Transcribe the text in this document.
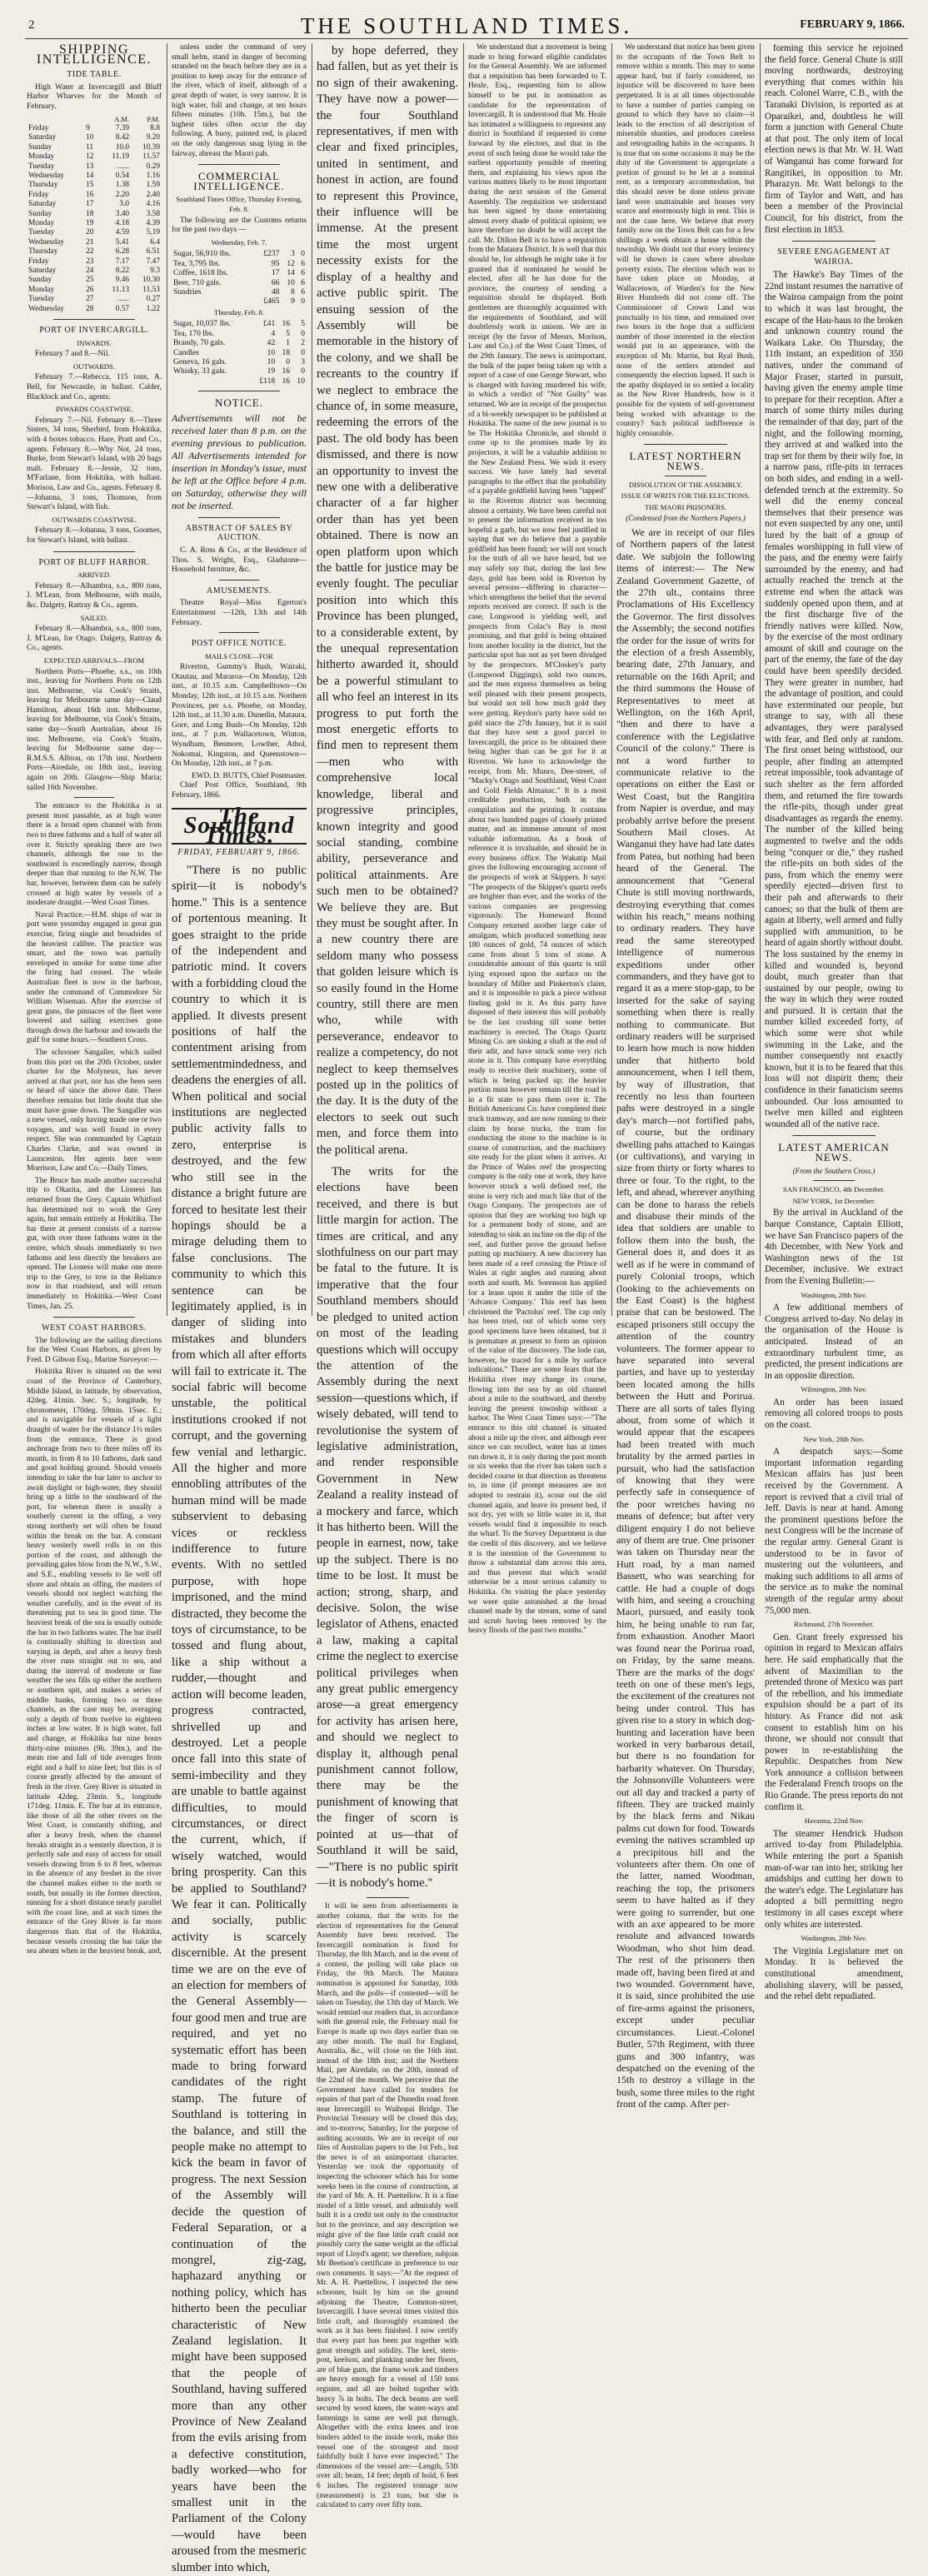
2	THE SOUTHLAND TIMES.	FEBRUARY 9, 1866.
SHIPPING INTELLIGENCE.
TIDE TABLE.

High Water at Invercargill and Bluff Harbor Wharves for the Month of February.

		A.M.	P.M.
Friday	9	7.39	8.8
Saturday	10	8.42	9.20
Sunday	11	10.0	10.39
Monday	12	11.19	11.57
Tuesday	13	......	0.29
Wednesday	14	0.54	1.16
Thursday	15	1.38	1.59
Friday	16	2.20	2.40
Saturday	17	3.0	4.16
Sunday	18	3.40	3.58
Monday	19	4.18	4.39
Tuesday	20	4.59	5.19
Wednesday	21	5.41	6.4
Thursday	22	6.28	6.51
Friday	23	7.17	7.47
Saturday	24	8.22	9.3
Sunday	25	9.46	10.30
Monday	26	11.13	11.53
Tuesday	27	......	0.27
Wednesday	28	0.57	1.22
PORT OF INVERCARGILL.
INWARDS.

February 7 and 8.—Nil.

OUTWARDS.

February 7.—Rebecca, 115 tons, A. Bell, for Newcastle, in ballast. Calder, Blacklock and Co., agents.

INWARDS COASTWISE.

February 7.—Nil. February 8.—Three Sisters, 34 tons, Sherbird, from Hokitika, with 4 boxes tobacco. Hare, Pratt and Co., agents. February 8.—Why Not, 24 tons, Burke, from Stewart's Island, with 20 bags malt. February 8.—Jessie, 32 tons, M'Farlane, from Hokitika, with ballast. Morison, Law and Co., agents. February 8.—Johanna, 3 tons, Thomson, from Stewart's Island, with fish.

OUTWARDS COASTWISE.

February 8.—Johanna, 3 tons, Goomes, for Stewart's Island, with ballast.

PORT OF BLUFF HARBOR.
ARRIVED.

February 8.—Alhambra, s.s., 800 tons, J. M'Lean, from Melbourne, with mails, &c. Dalgety, Rattray & Co., agents.

SAILED.

February 8.—Alhambra, s.s., 800 tons, J. M'Lean, for Otago. Dalgety, Rattray & Co., agents.

EXPECTED ARRIVALS—FROM

Northern Ports—Phoebe, s.s., on 10th inst., leaving for Northern Ports on 12th inst. Melbourne, via Cook's Straits, leaving for Melbourne same day—Claud Hamilton, about 16th inst. Melbourne, leaving for Melbourne, via Cook's Straits, same day—South Australian, about 16 inst. Melbourne, via Cook's Straits, leaving for Melbourne same day—R.M.S.S. Albion, on 17th inst. Northern Ports—Airedale, on 18th inst., leaving again on 20th. Glasgow—Ship Maria; sailed 16th November.

The entrance to the Hokitika is at present most passable, as at high water there is a broad open channel with from two to three fathoms and a half of water all over it. Strictly speaking there are two channels, although the one to the southward is exceedingly narrow, though deeper than that running to the N.W. The bar, however, between them can be safely crossed at high water by vessels of a moderate draught.—West Coast Times.

Naval Practice.—H.M. ships of war in port were yesterday engaged in great gun exercise, firing single and broadsides of the heaviest calibre. The practice was smart, and the town was partially enveloped in smoke for some time after the firing had ceased. The whole Australian fleet is now in the harbour, under the command of Commodore Sir William Wiseman. After the exercise of great guns, the pinnaces of the fleet were lowered and sailing exercises gone through down the harbour and towards the gulf for some hours.—Southern Cross.

The schooner Sangaller, which sailed from this port on the 20th October, under charter for the Molyneux, has never arrived at that port, nor has she been seen or heard of since the above date. There therefore remains but little doubt that she must have gone down. The Sangaller was a new vessel, only having made one or two voyages, and was well found in every respect. She was commanded by Captain Charles Clarke, and was owned in Launceston. Her agents here were Morrison, Law and Co.—Daily Times.

The Bruce has made another successful trip to Okarita, and the Lioness has returned from the Grey. Captain Whitford has determined not to work the Grey again, but remain entirely at Hokitika. The bar there at present consists of a narrow gut, with over three fathoms water in the centre, which shoals immediately to two fathoms and less directly the breakers are opened. The Lioness will make one more trip to the Grey, to tow in the Reliance now in that roadstead, and will return immediately to Hokitika.—West Coast Times, Jan. 25.

WEST COAST HARBORS.

The following are the sailing directions for the West Coast Harbors, as given by Fred. D Gibson Esq., Marine Surveyor:—

Hokitika River is situated on the west coast of the Province of Canterbury, Middle Island, in latitude, by observation, 42deg. 41min. 3sec. S.; longitude, by chronometer, 170deg. 59min. 15sec. E.; and is navigable for vessels of a light draught of water for the distance 1½ miles from the entrance. There is good anchorage from two to three miles off its mouth, in from 8 to 10 fathoms, dark sand and good holding ground. Should vessels intending to take the bar later to anchor to await daylight or high-water, they should bring up a little to the southward of the port, for whereas there is usually a southerly current in the offing, a very strong northerly set will often be found within the break on the bar. A constant heavy westerly swell rolls in on this portion of the coast, and although the prevailing gales blow from the N.W., S.W., and S.E., enabling vessels to lie well off shore and obtain an offing, the masters of vessels should not neglect watching the weather carefully, and in the event of its threatening put to sea in good time. The heaviest break of the sea is usually outside the bar in two fathoms water. The bar itself is continually shifting in direction and varying in depth, and after a heavy fresh the river runs straight out to sea, and during the interval of moderate or fine weather the sea fills up either the northern or southern spit, and makes a series of middle banks, forming two or three channels, as the case may be, averaging only a depth of from twelve to eighteen inches at low water. It is high water, full and change, at Hokitika bar nine hours thirty-nine minutes (9h. 39m.), and the mean rise and fall of tide averages from eight and a half to nine feet; but this is of course greatly affected by the amount of fresh in the river. Grey River is situated in latitude 42deg. 23min. S., longitude 171deg. 11min. E. The bar at its entrance, like those of all the other rivers on the West Coast, is constantly shifting, and after a heavy fresh, when the channel breaks straight in a westerly direction, it is perfectly safe and easy of access for small vessels drawing from 6 to 8 feet, whereas in the absence of any freshet in the river the channel makes either to the north or south, but usually in the former direction, running for a short distance nearly parallel with the coast line, and at such times the entrance of the Grey River is far more dangerous than that of the Hokitika, because vessels crossing the bar take the sea abeam when in the heaviest break, and,

unless under the command of very small helm, stand in danger of becoming stranded on the beach before they are in a position to keep away for the entrance of the river, which of itself, although of a great depth of water, is very narrow. It is high water, full and change, at ten hours fifteen minutes (10h. 15m.), but the highest tides often occur the day following. A buoy, painted red, is placed on the only dangerous snag lying in the fairway, abreast the Maori pah.

COMMERCIAL INTELLIGENCE.
Southland Times Office, Thursday Evening, Feb. 8.

The following are the Customs returns for the past two days —

Wednesday, Feb. 7.
Sugar, 56,910 lbs.	£237	3	0
Tea, 3,795 lbs.	95	12	6
Coffee, 1618 lbs.	17	14	6
Beer, 710 gals.	66	10	6
Sundries	48	8	6
	£465	9	0
Thursday, Feb. 8.
Sugar, 10,037 lbs.	£41	16	5
Tea, 170 lbs.	4	5	0
Brandy, 70 gals.	42	1	2
Candles	10	18	0
Geneva, 16 gals.	10	0	3
Whisky, 33 gals.	19	16	0
	£118	16	10
NOTICE.
Advertisements will not be received later than 8 p.m. on the evening previous to publication. All Advertisements intended for insertion in Monday's issue, must be left at the Office before 4 p.m. on Saturday, otherwise they will not be inserted.
ABSTRACT OF SALES BY AUCTION.

C. A. Ross & Co., at the Residence of Thos. S. Wright, Esq., Gladstone—Household furniture, &c.

AMUSEMENTS.

Theatre Royal—Miss Egerton's Entertainment —12th, 13th and 14th February.

POST OFFICE NOTICE.
MAILS CLOSE—FOR

Riverton, Gummy's Bush, Wairaki, Otautau, and Mararoa—On Monday, 12th inst., at 10.15 a.m. Campbelltown—On Monday, 12th inst., at 10.15 a.m. Northern Provinces, per s.s. Phoebe, on Monday, 12th inst., at 11.30 a.m. Dunedin, Mataura, Gore, and Long Bush—On Monday, 12th inst., at 7 p.m. Wallacetown, Winton, Wyndham, Benmore, Lowther, Athol, Nokomai, Kingston, and Queenstown—On Monday, 12th inst., at 7 p.m.

EWD. D. BUTTS, Chief Postmaster.

Chief Post Office, Southland, 9th February, 1866.

The Southland Times.
FRIDAY, FEBRUARY 9, 1866.

"There is no public spirit—it is nobody's home." This is a sentence of portentous meaning. It goes straight to the pride of the independent and patriotic mind. It covers with a forbidding cloud the country to which it is applied. It divests present positions of half the contentment arising from settlementmindedness, and deadens the energies of all. When political and social institutions are neglected public activity falls to zero, enterprise is destroyed, and the few who still see in the distance a bright future are forced to hesitate lest their hopings should be a mirage deluding them to false conclusions. The community to which this sentence can be legitimately applied, is in danger of sliding into mistakes and blunders from which all after efforts will fail to extricate it. The social fabric will become unstable, the political institutions crooked if not corrupt, and the governing few venial and lethargic. All the higher and more ennobling attributes of the human mind will be made subservient to debasing vices or reckless indifference to future events. With no settled purpose, with hope imprisoned, and the mind distracted, they become the toys of circumstance, to be tossed and flung about, like a ship without a rudder,—thought and action will become leaden, progress contracted, shrivelled up and destroyed. Let a people once fall into this state of semi-imbecility and they are unable to battle against difficulties, to mould circumstances, or direct the current, which, if wisely watched, would bring prosperity. Can this be applied to Southland? We fear it can. Politically and socially, public activity is scarcely discernible. At the present time we are on the eve of an election for members of the General Assembly—four good men and true are required, and yet no systematic effort has been made to bring forward candidates of the right stamp. The future of Southland is tottering in the balance, and still the people make no attempt to kick the beam in favor of progress. The next Session of the Assembly will decide the question of Federal Separation, or a continuation of the mongrel, zig-zag, haphazard anything or nothing policy, which has hitherto been the peculiar characteristic of New Zealand legislation. It might have been supposed that the people of Southland, having suffered more than any other Province of New Zealand from the evils arising from a defective constitution, badly worked—who for years have been the smallest unit in the Parliament of the Colony—would have been aroused from the mesmeric slumber into which,

by hope deferred, they had fallen, but as yet their is no sign of their awakening. They have now a power—the four Southland representatives, if men with clear and fixed principles, united in sentiment, and honest in action, are found to represent this Province, their influence will be immense. At the present time the most urgent necessity exists for the display of a healthy and active public spirit. The ensuing session of the Assembly will be memorable in the history of the colony, and we shall be recreants to the country if we neglect to embrace the chance of, in some measure, redeeming the errors of the past. The old body has been dismissed, and there is now an opportunity to invest the new one with a deliberative character of a far higher order than has yet been obtained. There is now an open platform upon which the battle for justice may be evenly fought. The peculiar position into which this Province has been plunged, to a considerable extent, by the unequal representation hitherto awarded it, should be a powerful stimulant to all who feel an interest in its progress to put forth the most energetic efforts to find men to represent them—men who with comprehensive local knowledge, liberal and progressive principles, known integrity and good social standing, combine ability, perseverance and political attainments. Are such men to be obtained? We believe they are. But they must be sought after. In a new country there are seldom many who possess that golden leisure which is so easily found in the Home country, still there are men who, while with perseverance, endeavor to realize a competency, do not neglect to keep themselves posted up in the politics of the day. It is the duty of the electors to seek out such men, and force them into the political arena.

The writs for the elections have been received, and there is but little margin for action. The times are critical, and any slothfulness on our part may be fatal to the future. It is imperative that the four Southland members should be pledged to united action on most of the leading questions which will occupy the attention of the Assembly during the next session—questions which, if wisely debated, will tend to revolutionise the system of legislative administration, and render responsible Government in New Zealand a reality instead of a mockery and farce, which it has hitherto been. Will the people in earnest, now, take up the subject. There is no time to be lost. It must be action; strong, sharp, and decisive. Solon, the wise legislator of Athens, enacted a law, making a capital crime the neglect to exercise political privileges when any great public emergency arose—a great emergency for activity has arisen here, and should we neglect to display it, although penal punishment cannot follow, there may be the punishment of knowing that the finger of scorn is pointed at us—that of Southland it will be said,—"There is no public spirit—it is nobody's home."

It will be seen from advertisements in another column, that the writs for the election of representatives for the General Assembly have been received. The Invercargill nomination is fixed for Thursday, the 8th March, and in the event of a contest, the polling will take place on Friday, the 9th March. The Mataura nomination is appointed for Saturday, 10th March, and the polls—if contested—will be taken on Tuesday, the 13th day of March. We would remind our readers that, in accordance with the general rule, the February mail for Europe is made up two days earlier than on any other month. The mail for England, Australia, &c., will close on the 16th inst. instead of the 18th inst; and the Northern Mail, per Airedale, on the 20th, instead of the 22nd of the month. We perceive that the Government have called for tenders for repairs of that part of the Dunedin road from near Invercargill to Waihopai Bridge. The Provincial Treasury will be closed this day, and to-morrow, Saturday, for the purpose of auditing accounts. We are in receipt of our files of Australian papers to the 1st Feb., but the news is of an unimportant character. Yesterday we took the opportunity of inspecting the schooner which has for some weeks been in the course of construction, at the yard of Mr. A. H. Puettellow. It is a fine model of a little vessel, and admirably well built it is a credit not only to the constructor but to the province, and any description we might give of the fine little craft could not possibly carry the same weight as the official report of Lloyd's agent; we therefore, subjoin Mr Beetson's certificate in preference to our own comments. It says:—"At the request of Mr. A. H. Puettellow, I inspected the new schooner, built by him on the ground adjoining the Theatre, Common-street, Invercargill. I have several times visited this little craft, and thoroughly examined the work as it has been finished. I now certify that every part has been put together with great strength and solidity. The keel, stern-post, keelson, and planking under her floors, are of blue gum, the frame work and timbers are heavy enough for a vessel of 150 tons register, and all are bolted together with heavy ⅞ in bolts. The deck beams are well secured by wood knees, the water-ways and fastenings in same are well put through. Altogether with the extra knees and iron binders added to the inside work, make this vessel one of the strongest and most faithfully built I have ever inspected." The dimensions of the vessel are:—Length, 53ft over all; beam, 14 feet; depth of hold, 6 feet 6 inches. The registered tonnage now (measurement) is 23 tons, but she is calculated to carry over fifty tons.

We understand that a movement is being made to bring forward eligible candidates for the General Assembly. We are informed that a requisition has been forwarded to T. Heale, Esq., requesting him to allow himself to be put in nomination as candidate for the representation of Invercargill. It is understood that Mr. Heale has intimated a willingness to represent any district in Southland if requested to come forward by the electors, and that in the event of such being done he would take the earliest opportunity possible of meeting them, and explaining his views upon the various matters likely to be most important during the next session of the General Assembly. The requisition we understand has been signed by those entertaining almost every shade of political opinion; we have therefore no doubt he will accept the call. Mr. Dillon Bell is to have a requisition from the Mataura District. It is well that this should be, for although he might take it for granted that if nominated he would be elected, after all he has done for the province, the courtesy of sending a requisition should be displayed. Both gentlemen are thoroughly acquainted with the requirements of Southland, and will doubtlessly work in unison. We are in receipt (by the favor of Messrs. Morison, Law and Co.) of the West Coast Times, of the 29th January. The news is unimportant, the bulk of the paper being taken up with a report of a case of one George Stewart, who is charged with having murdered his wife, in which a verdict of "Not Guilty" was returned. We are in receipt of the prospectus of a bi-weekly newspaper to be published at Hokitika. The name of the new journal is to be The Hokitika Chronicle, and should it come up to the promises made by its projectors, it will be a valuable addition to the New Zealand Press. We wish it every success. We have lately had several paragraphs to the effect that the probability of a payable goldfield having been "tapped" in the Riverton district was becoming almost a certainty. We have been careful not to present the information received in too hopeful a garb, but we now feel justified in saying that we do believe that a payable goldfield has been found; we will not vouch for the truth of all we have heard, but we may safely say that, during the last few days, gold has been sold in Riverton by several persons—differing in character—which strengthens the belief that the several reports received are correct. If such is the case, Longwood is yielding well, and prospects from Colac's Bay is most promising, and that gold is being obtained from another locality in the district, but the particular spot has not as yet been divulged by the prospectors. M'Closkey's party (Longwood Diggings), sold two ounces, and the men express themselves as being well pleased with their present prospects, but would not tell how much gold they were getting. Reydon's party have sold no gold since the 27th January, but it is said that they have sent a good parcel to Invercargill, the price to be obtained there being higher than can be got for it at Riverton. We have to acknowledge the receipt, from Mr. Munro, Dee-street, of "Macky's Otago and Southland, West Coast and Gold Fields Almanac." It is a most creditable production, both in the compilation and the printing. It contains about two hundred pages of closely printed matter, and an immense amount of most valuable information. As a book of reference it is invaluable, and should be in every business office. The Wakatip Mail gives the following encouraging account of the prospects of work at Skippers. It says: "The prospects of the Skipper's quartz reefs are brighter than ever, and the works of the various companies are progressing vigorously. The Homeward Bound Company returned another large cake of amalgam, which produced something near 180 ounces of gold, 74 ounces of which came from about 5 tons of stone. A considerable amount of this quartz is still lying exposed upon the surface on the boundary of Miller and Pinkerton's claim, and it is impossible to pick a piece without finding gold in it. As this party have disposed of their interest this will probably be the last crushing till some better machinery is erected. The Otago Quartz Mining Co. are sinking a shaft at the end of their adit, and have struck some very rich stone in it. This company have everything ready to receive their machinery, some of which is being packed up; the heavier portion must however remain till the road is in a fit state to pass them over it. The British Americans Co. have completed their truck tramway, and are now running to their claim by horse trucks, the tram for conducting the stone to the machine is in course of construction, and the machinery site ready for the plant when it arrives. At the Prince of Wales reef the prospecting company is the only one at work, they have however struck a well defined reef, the stone is very rich and much like that of the Otago Company. The prospectors are of opinion that they are working too high up for a permanent body of stone, and are intending to sink an incline on the dip of the reef, and further prove the ground before putting up machinery. A new discovery has been made of a reef crossing the Prince of Wales at right angles and running about north and south. Mr. Sorenson has applied for a lease upon it under the title of the 'Advance Company.' This reef has been christened the 'Pactolus' reef. The cap only has been tried, out of which some very good specimens have been obtained, but it is premature at present to form an opinion of the value of the discovery. The lode can, however, be traced for a mile by surface indications." There are some fears that the Hokitika river may change its course, flowing into the sea by an old channel about a mile to the southward, and thereby leaving the present township without a harbor. The West Coast Times says:—"The entrance to this old channel is situated about a mile up the river, and although ever since we can recollect, water has at times run down it, it is only during the past month or six weeks that the river has taken such a decided course in that direction as threatens to, in time (if prompt measures are not adopted to restrain it), scour out the old channel again, and leave its present bed, if not dry, yet with so little water in it, that vessels would find it impossible to reach the wharf. To the Survey Department is due the credit of this discovery, and we believe it is the intention of the Government to throw a substantial dam across this area, and thus prevent that which would otherwise be a most serious calamity to Hokitika. On visiting the place yesterday we were quite astonished at the broad channel made by the stream, some of sand and scrub having been removed by the heavy floods of the past two months."

We understand that notice has been given to the occupants of the Town Belt to remove within a month. This may to some appear hard, but if fairly considered, no injustice will be discovered to have been perpetrated. It is at all times objectionable to have a number of parties camping on ground to which they have no claim—it leads to the erection of all description of miserable shanties, and produces careless and retrograding habits in the occupants. It is true that on some occasions it may be the duty of the Government to appropriate a portion of ground to be let at a nominal rent, as a temporary accommodation, but this should never be done unless private land were unattainable and houses very scarce and enormously high in rent. This is not the case here. We believe that every family now on the Town Belt can for a few shillings a week obtain a house within the township. We doubt not that every leniency will be shown in cases where absolute poverty exists. The election which was to have taken place on Monday, at Wallacetown, of Warden's for the New River Hundreds did not come off. The Commissioner of Crown Land was punctually to his time, and remained over two hours in the hope that a sufficient number of those interested in the election would put in an appearance, with the exception of Mr. Martin, but Ryal Bush, none of the settlers attended and consequently the election lapsed. If such is the apathy displayed in so settled a locality as the New River Hundreds, how is it possible for the system of self-government being worked with advantage to the country? Such political indifference is highly censurable.

LATEST NORTHERN NEWS.
DISSOLUTION OF THE ASSEMBLY.
ISSUE OF WRITS FOR THE ELECTIONS.
THE MAORI PRISONERS.
(Condensed from the Northern Papers.)

We are in receipt of our files of Northern papers of the latest date. We subjoin the following items of interest:— The New Zealand Government Gazette, of the 27th ult., contains three Proclamations of His Excellency the Governor. The first dissolves the Assembly; the second notifies the order for the issue of writs for the election of a fresh Assembly, bearing date, 27th January, and returnable on the 16th April; and the third summons the House of Representatives to meet at Wellington, on the 16th April, "then and there to have a conference with the Legislative Council of the colony." There is not a word further to communicate relative to the operations on either the East or West Coast, but the Rangitira from Napier is overdue, and may probably arrive before the present Southern Mail closes. At Wanganui they have had late dates from Patea, but nothing had been heard of the General. The announcement that "General Chute is still moving northwards, destroying everything that comes within his reach," means nothing to ordinary readers. They have read the same stereotyped intelligence of numerous expeditions under other commanders, and they have got to regard it as a mere stop-gap, to be inserted for the sake of saying something when there is really nothing to communicate. But ordinary readers will be surprised to learn how much is now hidden under that hitherto bold announcement, when I tell them, by way of illustration, that recently no less than fourteen pahs were destroyed in a single day's march—not fortified pahs, of course, but the ordinary dwelling pahs attached to Kaingas (or cultivations), and varying in size from thirty or forty whares to three or four. To the right, to the left, and ahead, wherever anything can be done to harass the rebels and disabuse their minds of the idea that soldiers are unable to follow them into the bush, the General does it, and does it as well as if he were in command of purely Colonial troops, which (looking to the achievements on the East Coast) is the highest praise that can be bestowed. The escaped prisoners still occupy the attention of the country volunteers. The former appear to have separated into several parties, and have up to yesterday been located among the hills between the Hutt and Porirua. There are all sorts of tales flying about, from some of which it would appear that the escapees had been treated with much brutality by the armed parties in pursuit, who had the satisfaction of knowing that they were perfectly safe in consequence of the poor wretches having no means of defence; but after very diligent enquiry I do not believe any of them are true. One prisoner was taken on Thursday near the Hutt road, by a man named Bassett, who was searching for cattle. He had a couple of dogs with him, and seeing a crouching Maori, pursued, and easily took him, he being unable to run far, from exhaustion. Another Maori was found near the Porirua road, on Friday, by the same means. There are the marks of the dogs' teeth on one of these men's legs, the excitement of the creatures not being under control. This has given rise to a story in which dog-hunting and laceration have been worked in very barbarous detail, but there is no foundation for barbarity whatever. On Thursday, the Johnsonville Volunteers were out all day and tracked a party of fifteen. They are tracked mainly by the black ferns and Nikau palms cut down for food. Towards evening the natives scrambled up a precipitous hill and the volunteers after them. On one of the latter, named Woodman, reaching the top, the prisoners seem to have halted as if they were going to surrender, but one with an axe appeared to be more resolute and advanced towards Woodman, who shot him dead. The rest of the prisoners then made off, having been fired at and two wounded. Government have, it is said, since prohibited the use of fire-arms against the prisoners, except under peculiar circumstances. Lieut.-Colonel Butler, 57th Regiment, with three guns and 300 infantry, was despatched on the evening of the 15th to destroy a village in the bush, some three miles to the right front of the camp. After per-

forming this service he rejoined the field force. General Chute is still moving northwards, destroying everything that comes within his reach. Colonel Warre, C.B., with the Taranaki Division, is reported as at Oparaikei, and, doubtless he will form a junction with General Chute at that post. The only item of local election news is that Mr. W. H. Watt of Wanganui has come forward for Rangitikei, in opposition to Mr. Pharazyn. Mr. Watt belongs to the firm of Taylor and Watt, and has been a member of the Provincial Council, for his district, from the first election in 1853.

SEVERE ENGAGEMENT AT WAIROA.

The Hawke's Bay Times of the 22nd instant resumes the narrative of the Wairoa campaign from the point to which it was last brought, the escape of the Hau-haus to the broken and unknown country round the Waikara Lake. On Thursday, the 11th instant, an expedition of 350 natives, under the command of Major Fraser, started in pursuit, having given the enemy ample time to prepare for their reception. After a march of some thirty miles during the remainder of that day, part of the night, and the following morning, they arrived at and walked into the trap set for them by their wily foe, in a narrow pass, rifle-pits in terraces on both sides, and ending in a well-defended trench at the extremity. So well did the enemy conceal themselves that their presence was not even suspected by any one, until lured by the bait of a group of females worshipping in full view of the pass, and the enemy were fairly surrounded by the enemy, and had actually reached the trench at the extreme end when the attack was suddenly opened upon them, and at the first discharge five of the friendly natives were killed. Now, by the exercise of the most ordinary amount of skill and courage on the part of the enemy, the fate of the day could have been speedily decided. They were greater in number, had the advantage of position, and could have exterminated our people, but strange to say, with all these advantages, they were paralysed with fear, and fled only at random. The first onset being withstood, our people, after finding an attempted retreat impossible, took advantage of such shelter as the fern afforded them, and returned the fire towards the rifle-pits, though under great disadvantages as regards the enemy. The number of the killed being augmented to twelve and the odds being "conquer or die," they rushed the rifle-pits on both sides of the pass, from which the enemy were speedily ejected—driven first to their pah and afterwards to their canoes; so that the bulk of them are again at liberty, well armed and fully supplied with ammunition, to be heard of again shortly without doubt. The loss sustained by the enemy in killed and wounded is, beyond doubt, much greater than that sustained by our people, owing to the way in which they were routed and pursued. It is certain that the number killed exceeded forty, of which some were shot while swimming in the Lake, and the number consequently not exactly known, but it is to be feared that this loss will not dispirit them; their confidence in their fanaticism seems unbounded. Our loss amounted to twelve men killed and eighteen wounded all of the native race.

LATEST AMERICAN NEWS.
(From the Southern Cross.)
SAN FRANCISCO, 4th December.
NEW YORK, 1st December.

By the arrival in Auckland of the barque Constance, Captain Elliott, we have San Francisco papers of the 4th December, with New York and Washington news of the 1st December, inclusive. We extract from the Evening Bulletin:—

Washington, 28th Nov.

A few additional members of Congress arrived to-day. No delay in the organisation of the House is anticipated. Instead of an extraordinary turbulent time, as predicted, the present indications are in an opposite direction.

Wilmington, 28th Nov.

An order has been issued removing all colored troops to posts on the coast.

New York, 28th Nov.

A despatch says:—Some important information regarding Mexican affairs has just been received by the Government. A report is revived that a civil trial of Jeff. Davis is near at hand. Among the prominent questions before the next Congress will be the increase of the regular army. General Grant is understood to be in favor of mustering out the volunteers, and making such additions to all arms of the service as to make the nominal strength of the regular army about 75,000 men.

Richmond, 27th November.

Gen. Grant freely expressed his opinion in regard to Mexican affairs here. He said emphatically that the advent of Maximilian to the pretended throne of Mexico was part of the rebellion, and his immediate expulsion should be a part of its history. As France did not ask consent to establish him on his throne, we should not consult that power in re-establishing the Republic. Despatches from New York announce a collision between the Federaland French troops on the Rio Grande. The press reports do not confirm it.

Havanna, 22nd Nov.

The steamer Hendrick Hudson arrived to-day from Philadelphia. While entering the port a Spanish man-of-war ran into her, striking her amidships and cutting her down to the water's edge. The Legislature has adopted a bill permitting negro testimony in all cases except where only whites are interested.

Washington, 28th Nov.

The Virginia Legislature met on Monday. It is believed the constitutional amendment, abolishing slavery, will be passed, and the rebel debt repudiated.
